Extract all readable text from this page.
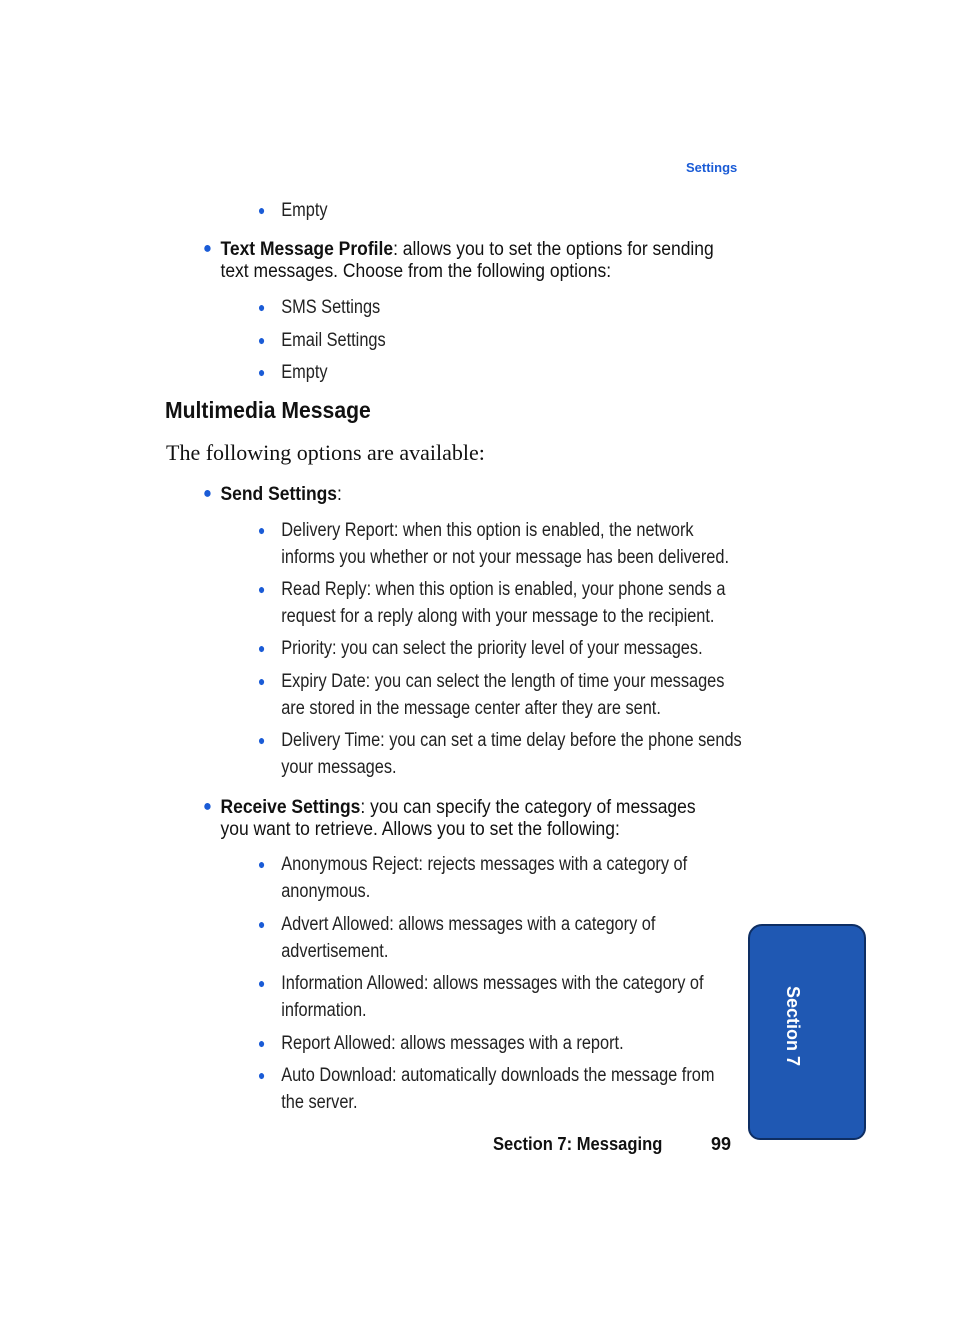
Settings
● Empty
● Text Message Profile: allows you to set the options for sending
text messages. Choose from the following options:
● SMS Settings
● Email Settings
● Empty
Multimedia Message
The following options are available:
● Send Settings:
● Delivery Report: when this option is enabled, the network
informs you whether or not your message has been delivered.
● Read Reply: when this option is enabled, your phone sends a
request for a reply along with your message to the recipient.
● Priority: you can select the priority level of your messages.
● Expiry Date: you can select the length of time your messages
are stored in the message center after they are sent.
● Delivery Time: you can set a time delay before the phone sends
your messages.
● Receive Settings: you can specify the category of messages
you want to retrieve. Allows you to set the following:
● Anonymous Reject: rejects messages with a category of
anonymous.
● Advert Allowed: allows messages with a category of
advertisement.
● Information Allowed: allows messages with the category of
information.
● Report Allowed: allows messages with a report.
● Auto Download: automatically downloads the message from
the server.
Section 7: Messaging	99
Section 7
